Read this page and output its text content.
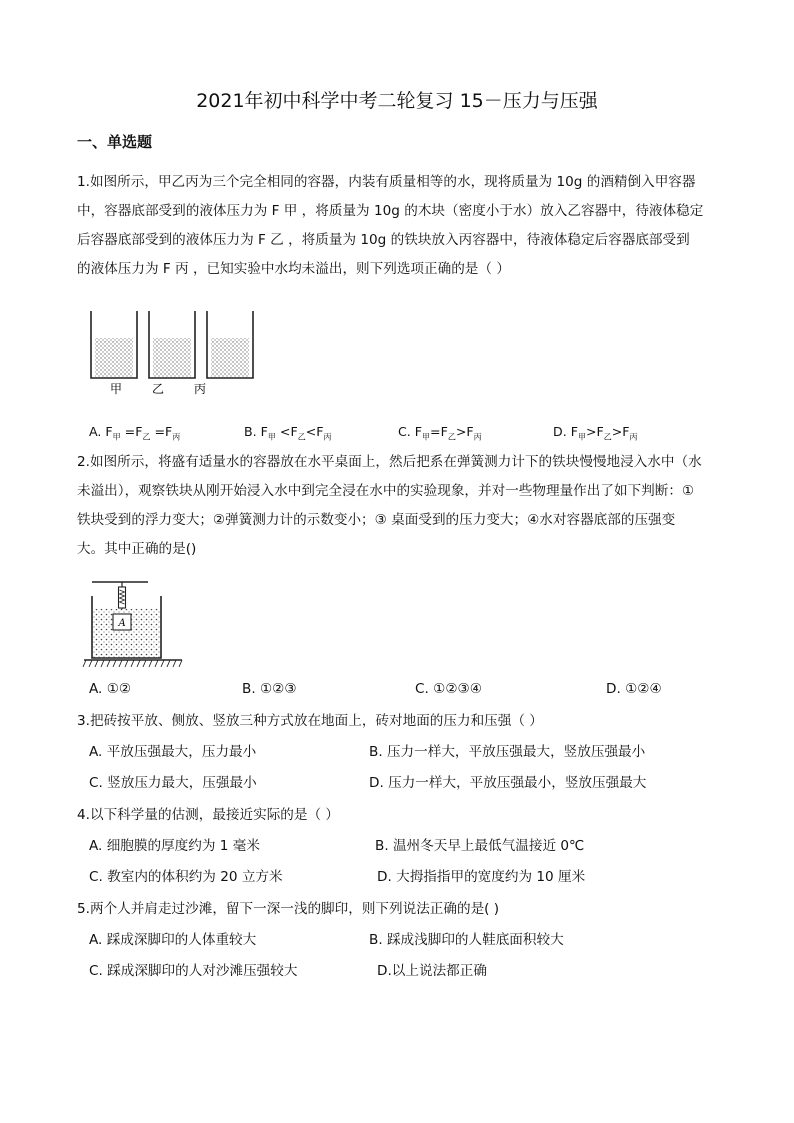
2021年初中科学中考二轮复习 15－压力与压强
一、单选题
1.如图所示，甲乙丙为三个完全相同的容器，内装有质量相等的水，现将质量为 10g 的酒精倒入甲容器
中，容器底部受到的液体压力为 F 甲 ，将质量为 10g 的木块（密度小于水）放入乙容器中，待液体稳定
后容器底部受到的液体压力为 F 乙 ，将质量为 10g 的铁块放入丙容器中，待液体稳定后容器底部受到
的液体压力为 F 丙 ，已知实验中水均未溢出，则下列选项正确的是（ ）
甲 乙 丙
A. $F_甲 =F_乙 =F_丙$	B. $F_甲 <F_乙<F_丙$	C. $F_甲=F_乙>F_丙$	D. $F_甲>F_乙>F_丙$
2.如图所示，将盛有适量水的容器放在水平桌面上，然后把系在弹簧测力计下的铁块慢慢地浸入水中（水
未溢出），观察铁块从刚开始浸入水中到完全浸在水中的实验现象，并对一些物理量作出了如下判断：①
铁块受到的浮力变大；②弹簧测力计的示数变小；③ 桌面受到的压力变大；④水对容器底部的压强变
大。其中正确的是()
A
A. ①②	B. ①②③	C. ①②③④	D. ①②④
3.把砖按平放、侧放、竖放三种方式放在地面上，砖对地面的压力和压强（ ）
A. 平放压强最大，压力最小	B. 压力一样大，平放压强最大，竖放压强最小
C. 竖放压力最大，压强最小	D. 压力一样大，平放压强最小，竖放压强最大
4.以下科学量的估测，最接近实际的是（ ）
A. 细胞膜的厚度约为 1 毫米	B. 温州冬天早上最低气温接近 0℃
C. 教室内的体积约为 20 立方米	D. 大拇指指甲的宽度约为 10 厘米
5.两个人并肩走过沙滩，留下一深一浅的脚印，则下列说法正确的是( )
A. 踩成深脚印的人体重较大	B. 踩成浅脚印的人鞋底面积较大
C. 踩成深脚印的人对沙滩压强较大	D.以上说法都正确
